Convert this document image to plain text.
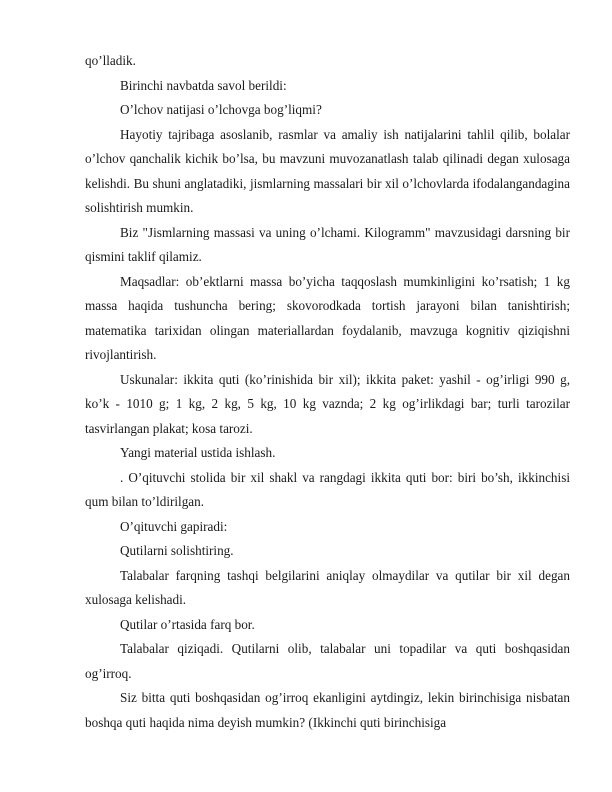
qo’lladik.

Birinchi navbatda savol berildi:

O’lchov natijasi o’lchovga bog’liqmi?

Hayotiy tajribaga asoslanib, rasmlar va amaliy ish natijalarini tahlil qilib, bolalar o’lchov qanchalik kichik bo’lsa, bu mavzuni muvozanatlash talab qilinadi degan xulosaga kelishdi. Bu shuni anglatadiki, jismlarning massalari bir xil o’lchovlarda ifodalangandagina solishtirish mumkin.

Biz "Jismlarning massasi va uning o’lchami. Kilogramm" mavzusidagi darsning bir qismini taklif qilamiz.

Maqsadlar: ob’ektlarni massa bo’yicha taqqoslash mumkinligini ko’rsatish; 1 kg massa haqida tushuncha bering; skovorodkada tortish jarayoni bilan tanishtirish; matematika tarixidan olingan materiallardan foydalanib, mavzuga kognitiv qiziqishni rivojlantirish.

Uskunalar: ikkita quti (ko’rinishida bir xil); ikkita paket: yashil - og’irligi 990 g, ko’k - 1010 g; 1 kg, 2 kg, 5 kg, 10 kg vaznda; 2 kg og’irlikdagi bar; turli tarozilar tasvirlangan plakat; kosa tarozi.

Yangi material ustida ishlash.

. O’qituvchi stolida bir xil shakl va rangdagi ikkita quti bor: biri bo’sh, ikkinchisi qum bilan to’ldirilgan.

O’qituvchi gapiradi:

Qutilarni solishtiring.

Talabalar farqning tashqi belgilarini aniqlay olmaydilar va qutilar bir xil degan xulosaga kelishadi.

Qutilar o’rtasida farq bor.

Talabalar qiziqadi. Qutilarni olib, talabalar uni topadilar va quti boshqasidan og’irroq.

Siz bitta quti boshqasidan og’irroq ekanligini aytdingiz, lekin birinchisiga nisbatan boshqa quti haqida nima deyish mumkin? (Ikkinchi quti birinchisiga
